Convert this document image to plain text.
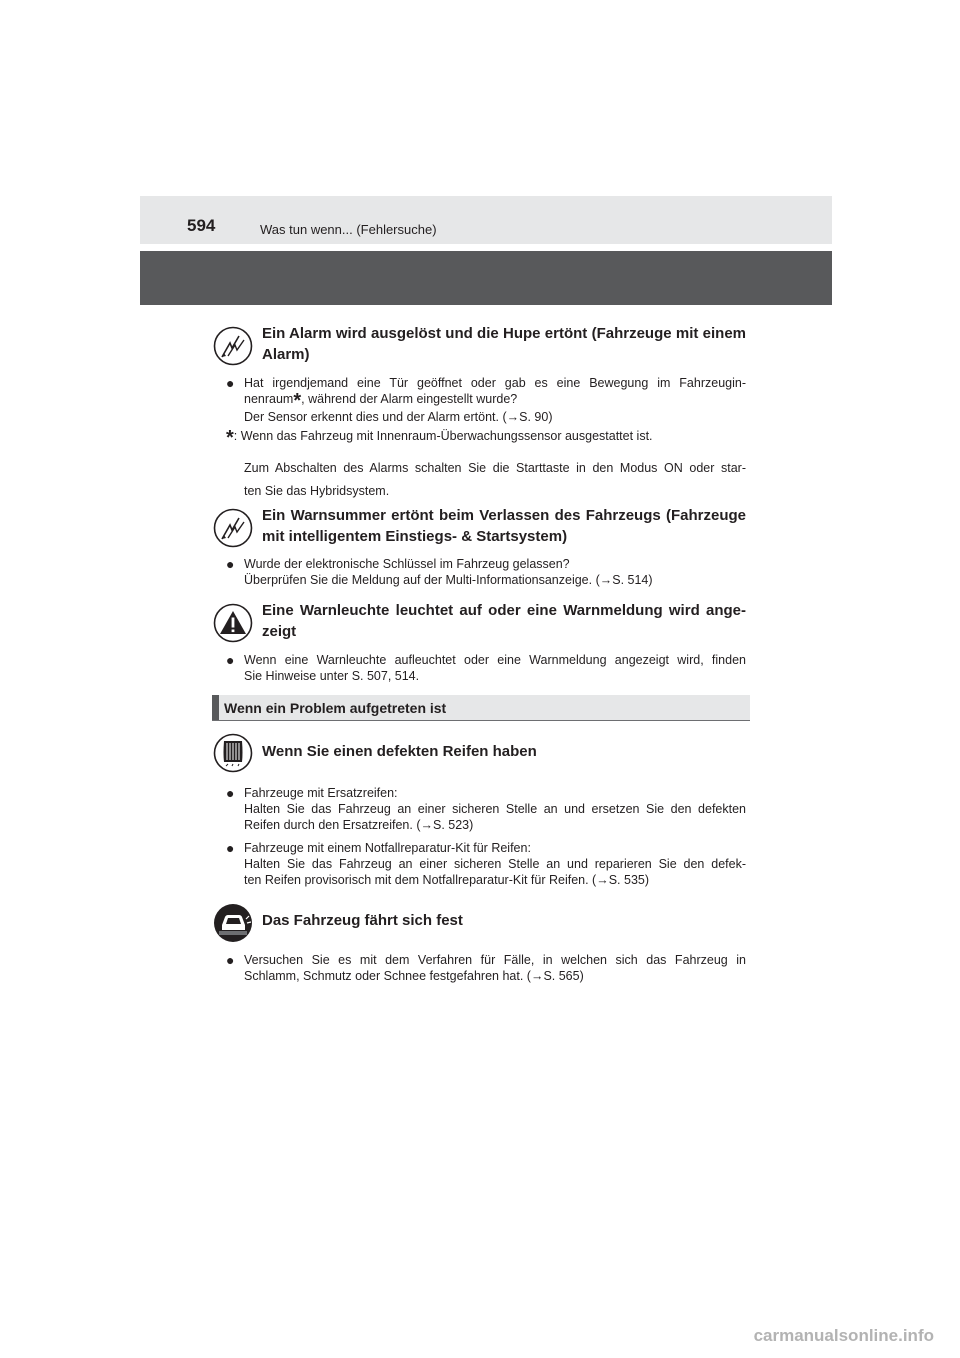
594	Was tun wenn... (Fehlersuche)
Ein Alarm wird ausgelöst und die Hupe ertönt (Fahrzeuge mit einem Alarm)
● Hat irgendjemand eine Tür geöffnet oder gab es eine Bewegung im Fahrzeugin-
nenraum*, während der Alarm eingestellt wurde?
Der Sensor erkennt dies und der Alarm ertönt. (→S. 90)
*: Wenn das Fahrzeug mit Innenraum-Überwachungssensor ausgestattet ist.
Zum Abschalten des Alarms schalten Sie die Starttaste in den Modus ON oder star-
ten Sie das Hybridsystem.
Ein Warnsummer ertönt beim Verlassen des Fahrzeugs (Fahrzeuge mit intelligentem Einstiegs- & Startsystem)
● Wurde der elektronische Schlüssel im Fahrzeug gelassen?
Überprüfen Sie die Meldung auf der Multi-Informationsanzeige. (→S. 514)
Eine Warnleuchte leuchtet auf oder eine Warnmeldung wird ange-
zeigt
● Wenn eine Warnleuchte aufleuchtet oder eine Warnmeldung angezeigt wird, finden
Sie Hinweise unter S. 507, 514.
Wenn ein Problem aufgetreten ist
Wenn Sie einen defekten Reifen haben
● Fahrzeuge mit Ersatzreifen:
Halten Sie das Fahrzeug an einer sicheren Stelle an und ersetzen Sie den defekten
Reifen durch den Ersatzreifen. (→S. 523)
● Fahrzeuge mit einem Notfallreparatur-Kit für Reifen:
Halten Sie das Fahrzeug an einer sicheren Stelle an und reparieren Sie den defek-
ten Reifen provisorisch mit dem Notfallreparatur-Kit für Reifen. (→S. 535)
Das Fahrzeug fährt sich fest
● Versuchen Sie es mit dem Verfahren für Fälle, in welchen sich das Fahrzeug in
Schlamm, Schmutz oder Schnee festgefahren hat. (→S. 565)
carmanualsonline.info
